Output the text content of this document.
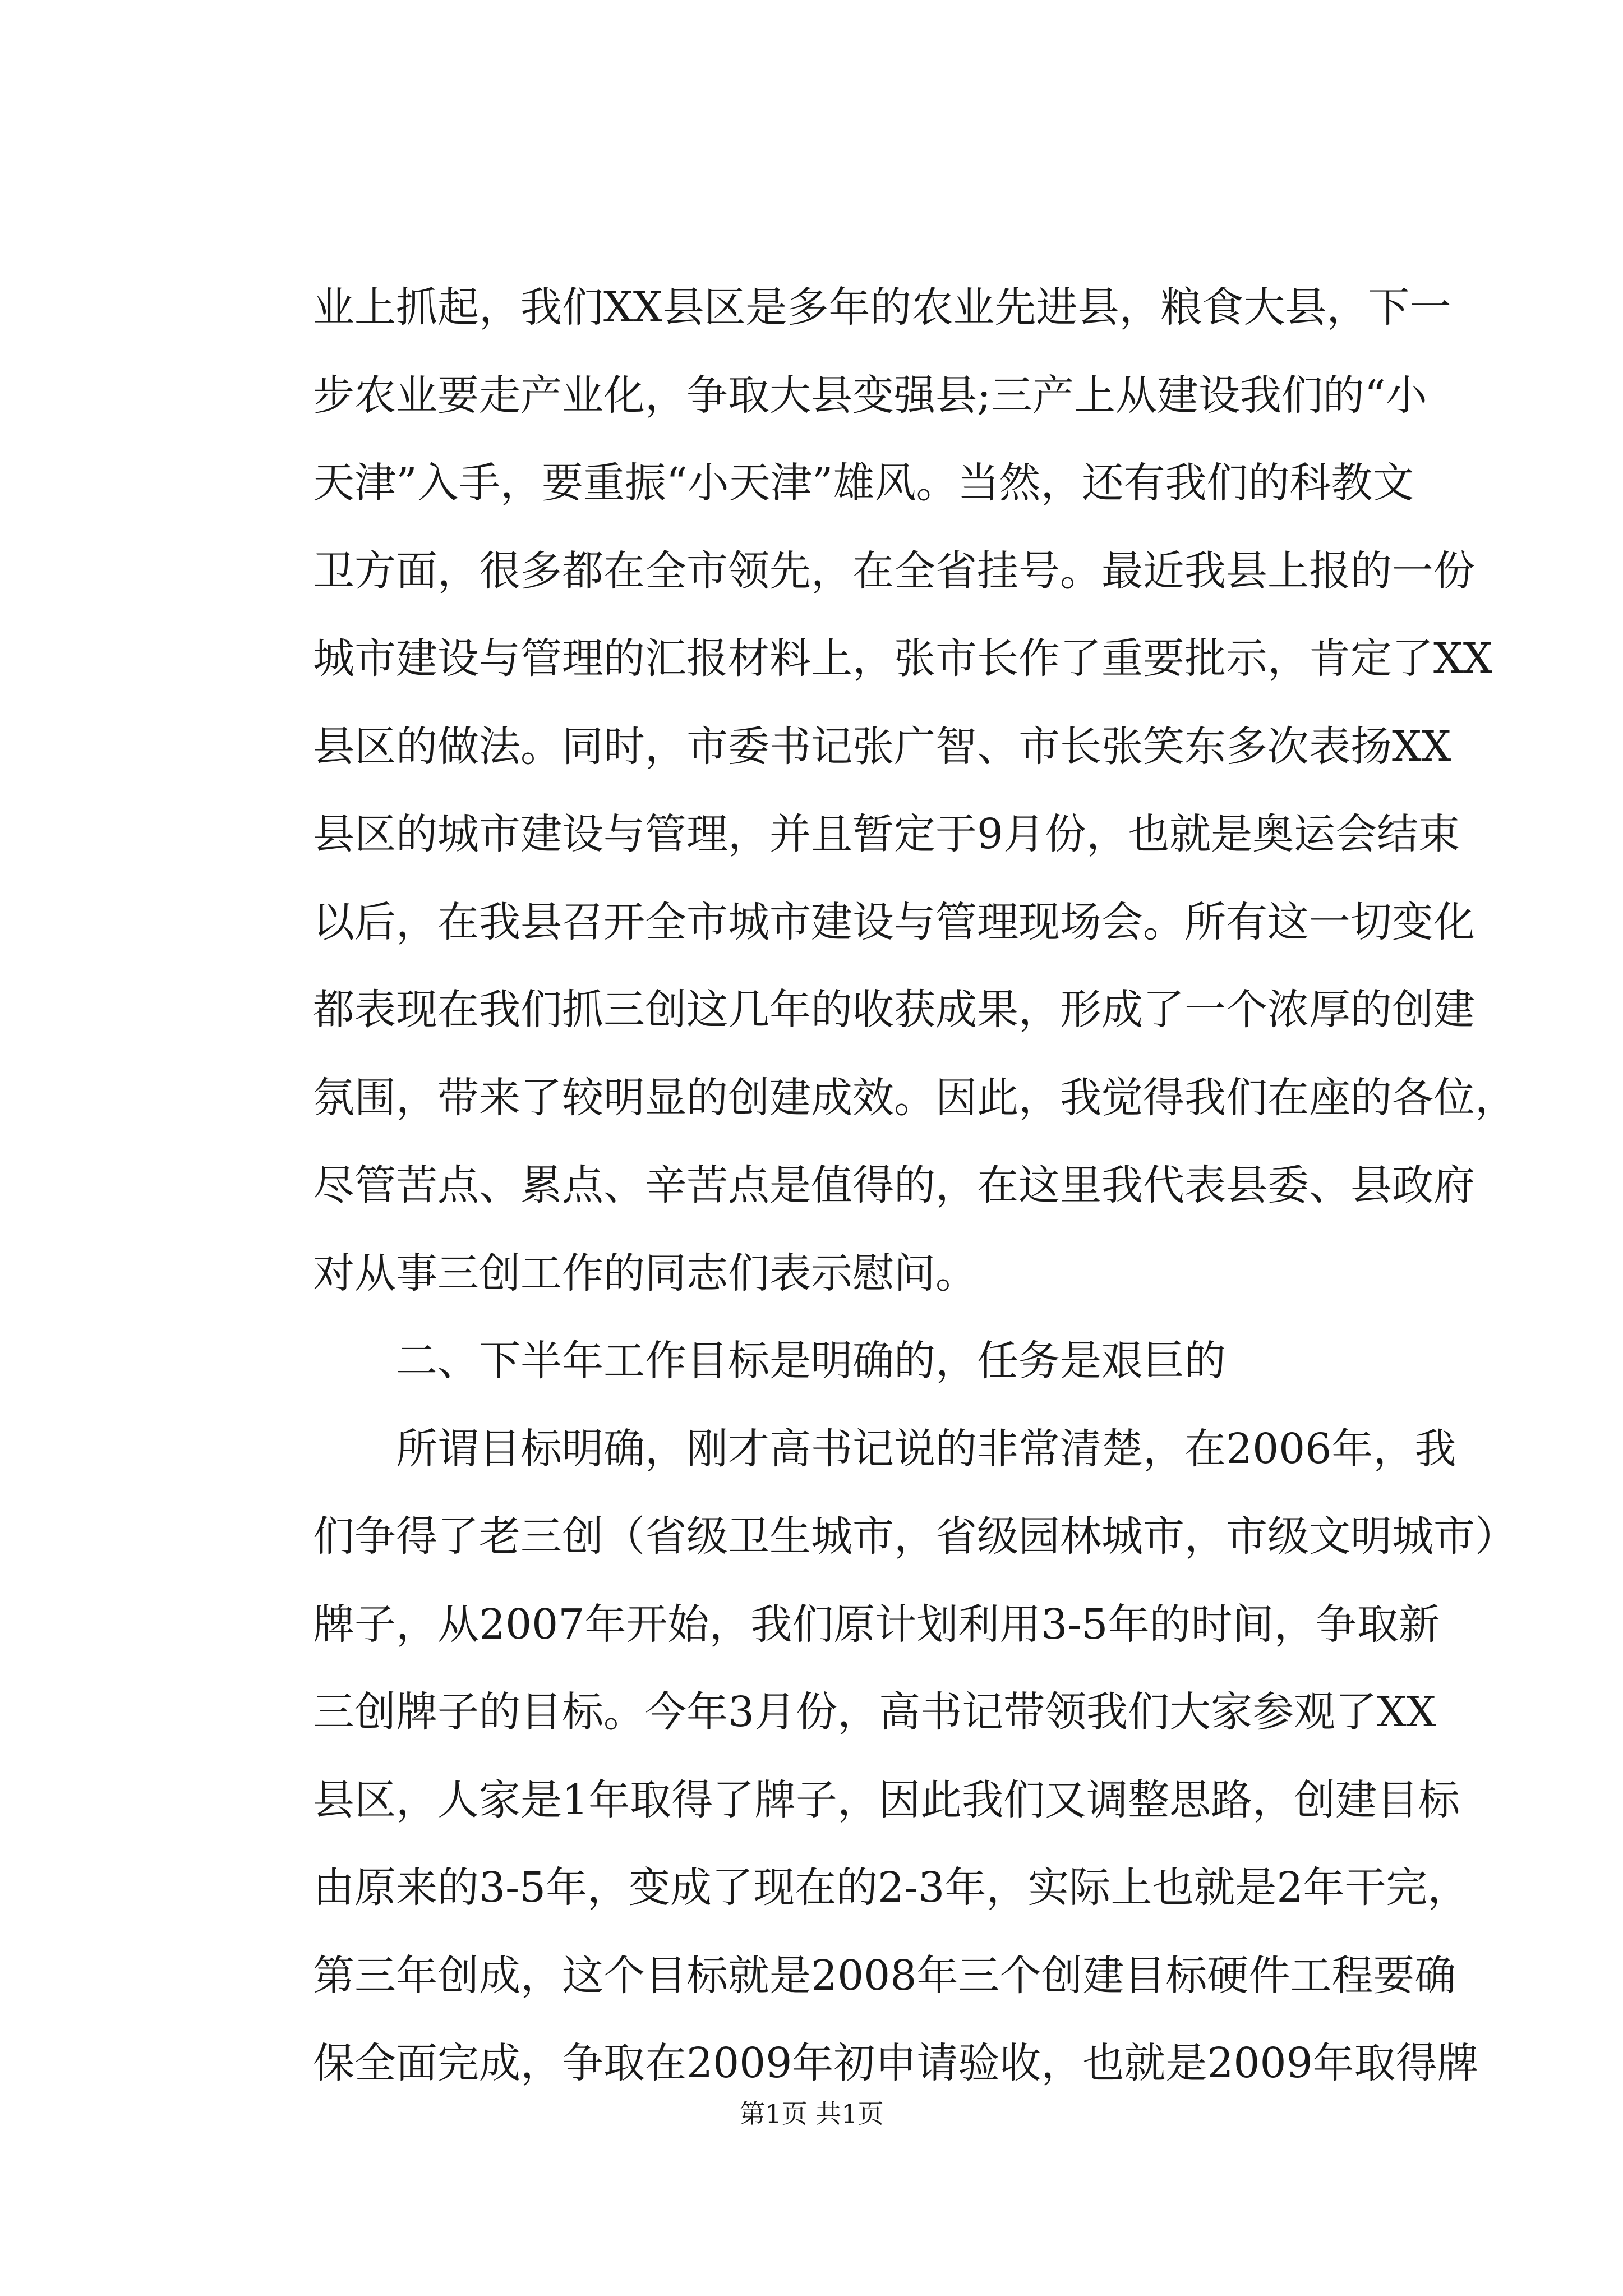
业上抓起，我们XX县区是多年的农业先进县，粮食大县，下一
步农业要走产业化，争取大县变强县;三产上从建设我们的“小
天津”入手，要重振“小天津”雄风。当然，还有我们的科教文
卫方面，很多都在全市领先，在全省挂号。最近我县上报的一份
城市建设与管理的汇报材料上，张市长作了重要批示，肯定了XX
县区的做法。同时，市委书记张广智、市长张笑东多次表扬XX
县区的城市建设与管理，并且暂定于9月份，也就是奥运会结束
以后，在我县召开全市城市建设与管理现场会。所有这一切变化
都表现在我们抓三创这几年的收获成果，形成了一个浓厚的创建
氛围，带来了较明显的创建成效。因此，我觉得我们在座的各位，
尽管苦点、累点、辛苦点是值得的，在这里我代表县委、县政府
对从事三创工作的同志们表示慰问。
二、下半年工作目标是明确的，任务是艰巨的
所谓目标明确，刚才高书记说的非常清楚，在2006年，我
们争得了老三创（省级卫生城市，省级园林城市，市级文明城市）
牌子，从2007年开始，我们原计划利用3-5年的时间，争取新
三创牌子的目标。今年3月份，高书记带领我们大家参观了XX
县区，人家是1年取得了牌子，因此我们又调整思路，创建目标
由原来的3-5年，变成了现在的2-3年，实际上也就是2年干完，
第三年创成，这个目标就是2008年三个创建目标硬件工程要确
保全面完成，争取在2009年初申请验收，也就是2009年取得牌
第1页 共1页
